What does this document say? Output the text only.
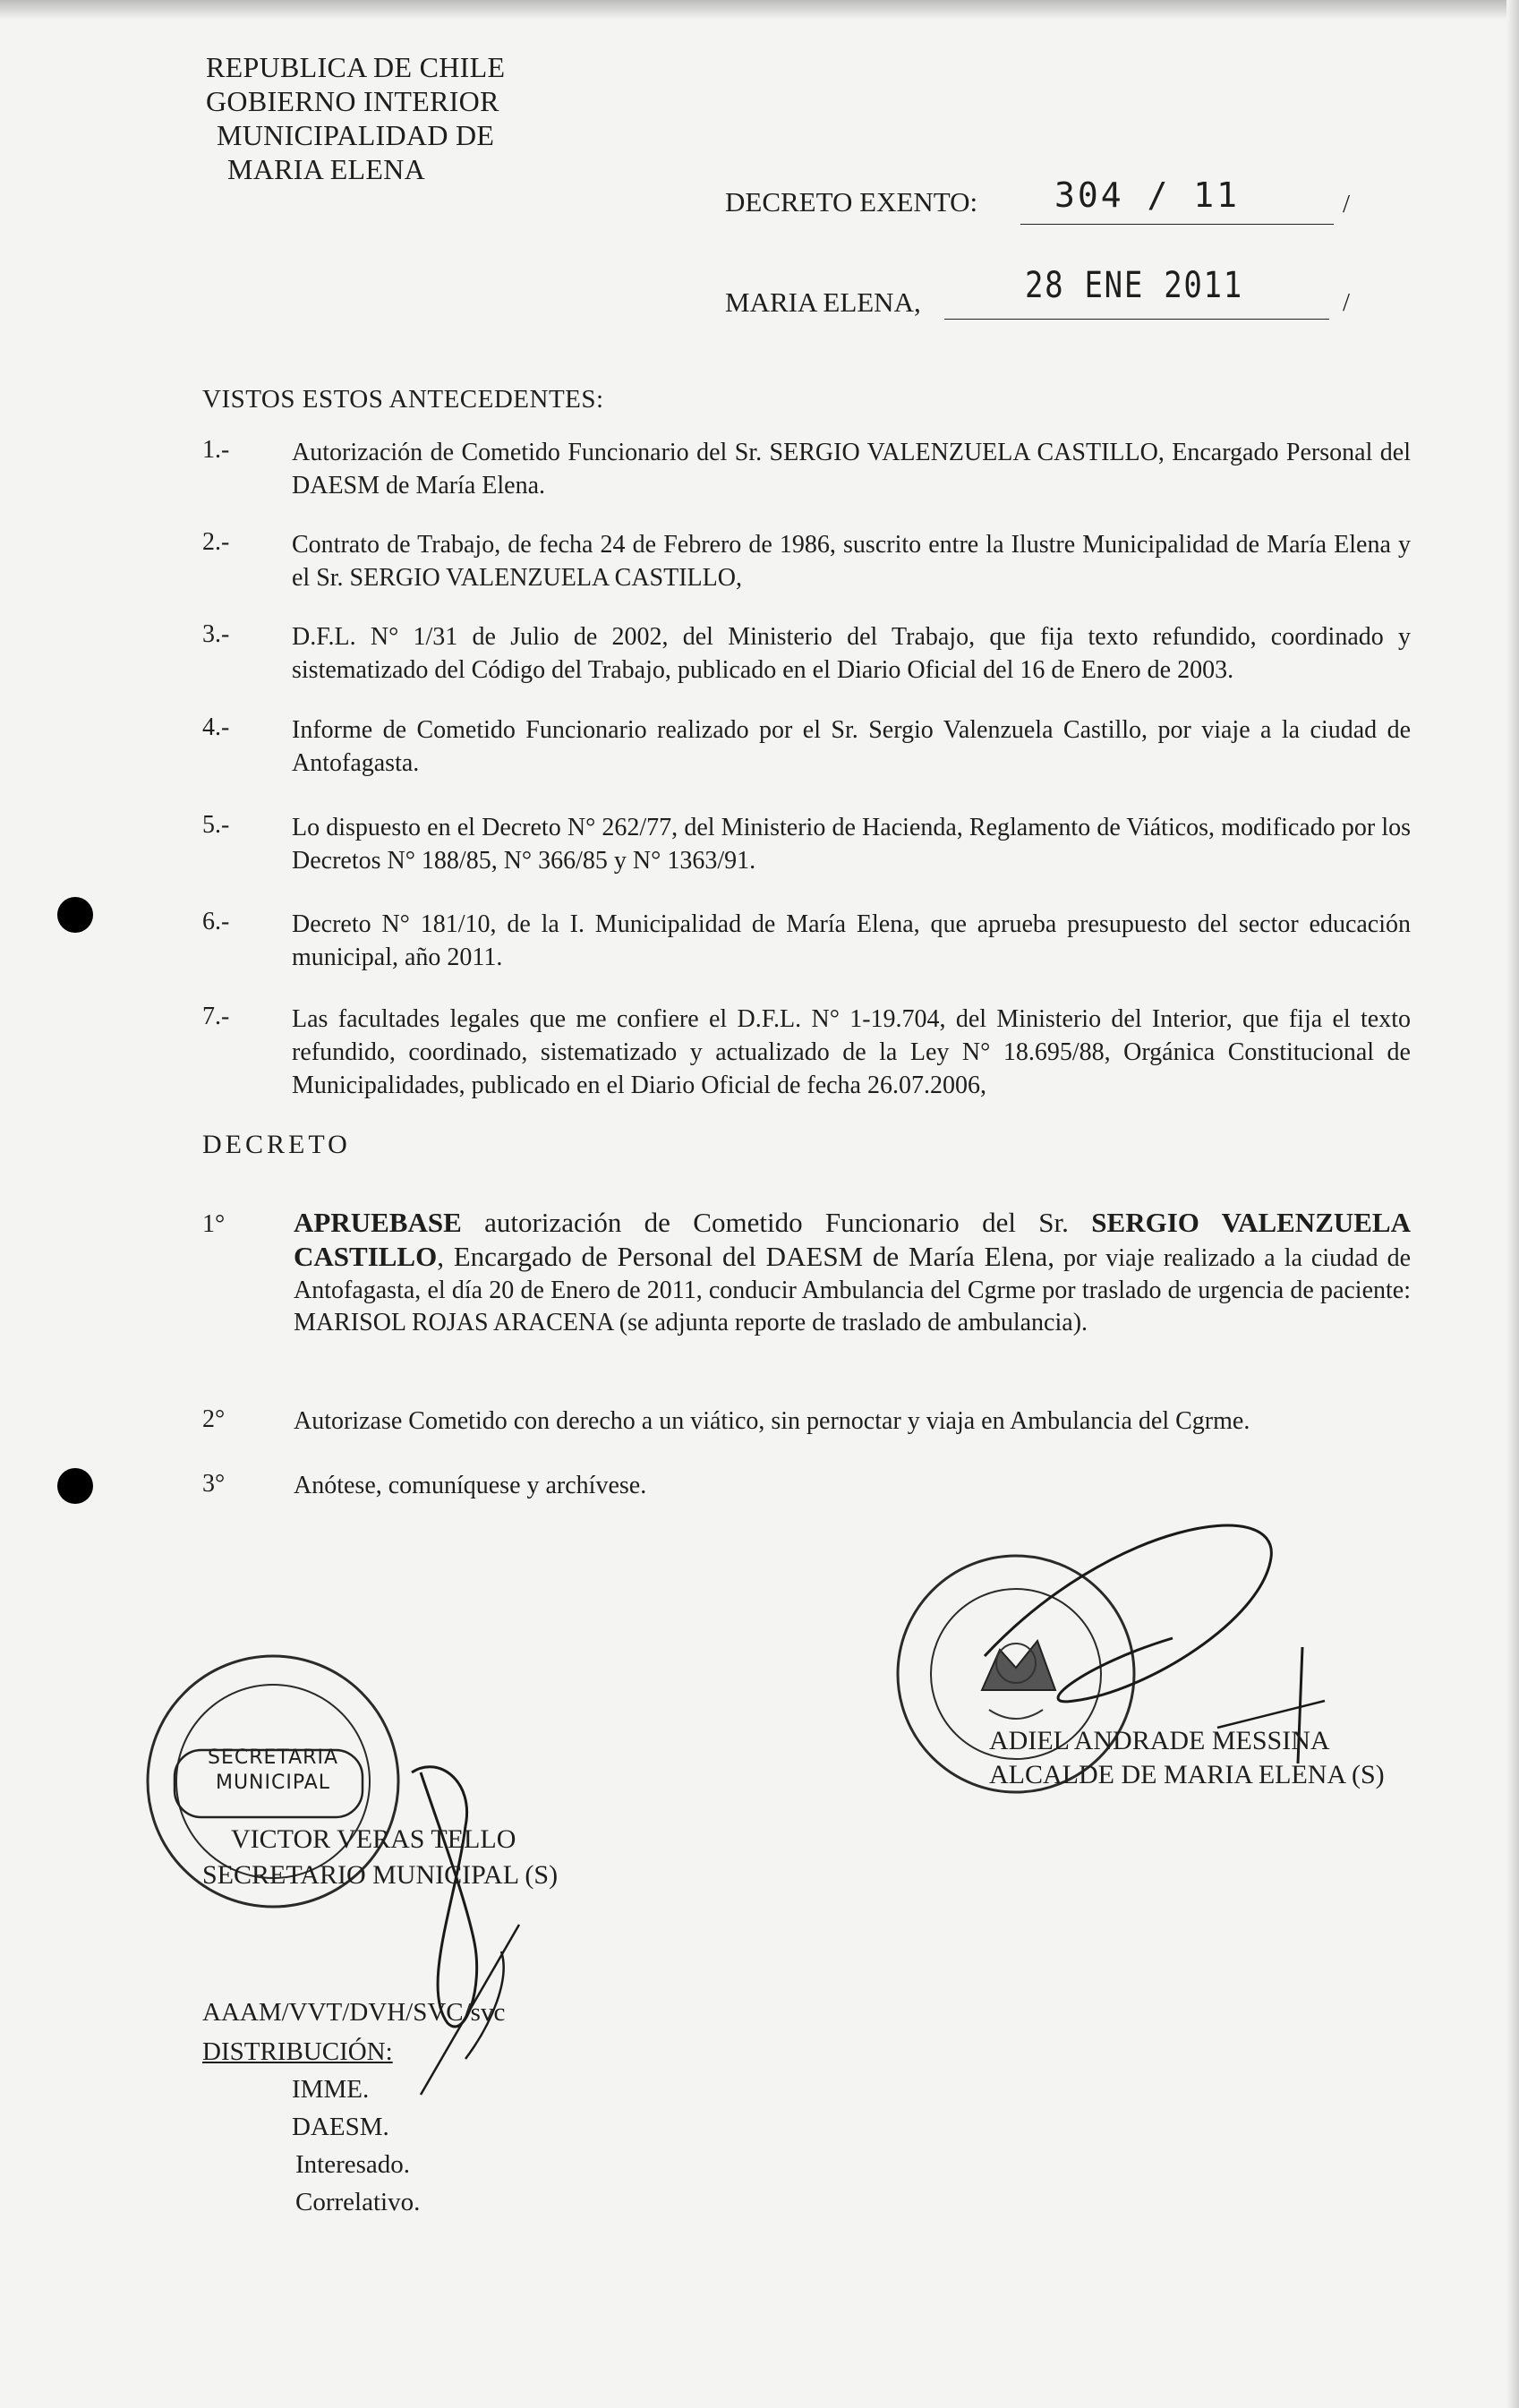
REPUBLICA DE CHILE
GOBIERNO INTERIOR
MUNICIPALIDAD DE
MARIA ELENA
DECRETO EXENTO: 304 / 11	/
MARIA ELENA,	28 ENE 2011	/
VISTOS ESTOS ANTECEDENTES:
1.- Autorización de Cometido Funcionario del Sr. SERGIO VALENZUELA CASTILLO, Encargado Personal del DAESM de María Elena.
2.- Contrato de Trabajo, de fecha 24 de Febrero de 1986, suscrito entre la Ilustre Municipalidad de María Elena y el Sr. SERGIO VALENZUELA CASTILLO,
3.- D.F.L. N° 1/31 de Julio de 2002, del Ministerio del Trabajo, que fija texto refundido, coordinado y sistematizado del Código del Trabajo, publicado en el Diario Oficial del 16 de Enero de 2003.
4.- Informe de Cometido Funcionario realizado por el Sr. Sergio Valenzuela Castillo, por viaje a la ciudad de Antofagasta.
5.- Lo dispuesto en el Decreto N° 262/77, del Ministerio de Hacienda, Reglamento de Viáticos, modificado por los Decretos N° 188/85, N° 366/85 y N° 1363/91.
6.- Decreto N° 181/10, de la I. Municipalidad de María Elena, que aprueba presupuesto del sector educación municipal, año 2011.
7.- Las facultades legales que me confiere el D.F.L. N° 1-19.704, del Ministerio del Interior, que fija el texto refundido, coordinado, sistematizado y actualizado de la Ley N° 18.695/88, Orgánica Constitucional de Municipalidades, publicado en el Diario Oficial de fecha 26.07.2006,
DECRETO
1° APRUEBASE autorización de Cometido Funcionario del Sr. SERGIO VALENZUELA CASTILLO, Encargado de Personal del DAESM de María Elena, por viaje realizado a la ciudad de Antofagasta, el día 20 de Enero de 2011, conducir Ambulancia del Cgrme por traslado de urgencia de paciente: MARISOL ROJAS ARACENA (se adjunta reporte de traslado de ambulancia).
2°	Autorizase Cometido con derecho a un viático, sin pernoctar y viaja en Ambulancia del Cgrme.
3°	Anótese, comuníquese y archívese.
ADIEL ANDRADE MESSINA
ALCALDE DE MARIA ELENA (S)
SECRETARIA MUNICIPAL
VICTOR VERAS TELLO
SECRETARIO MUNICIPAL (S)
AAAM/VVT/DVH/SVC/svc
DISTRIBUCIÓN:
IMME.
DAESM.
Interesado.
Correlativo.
